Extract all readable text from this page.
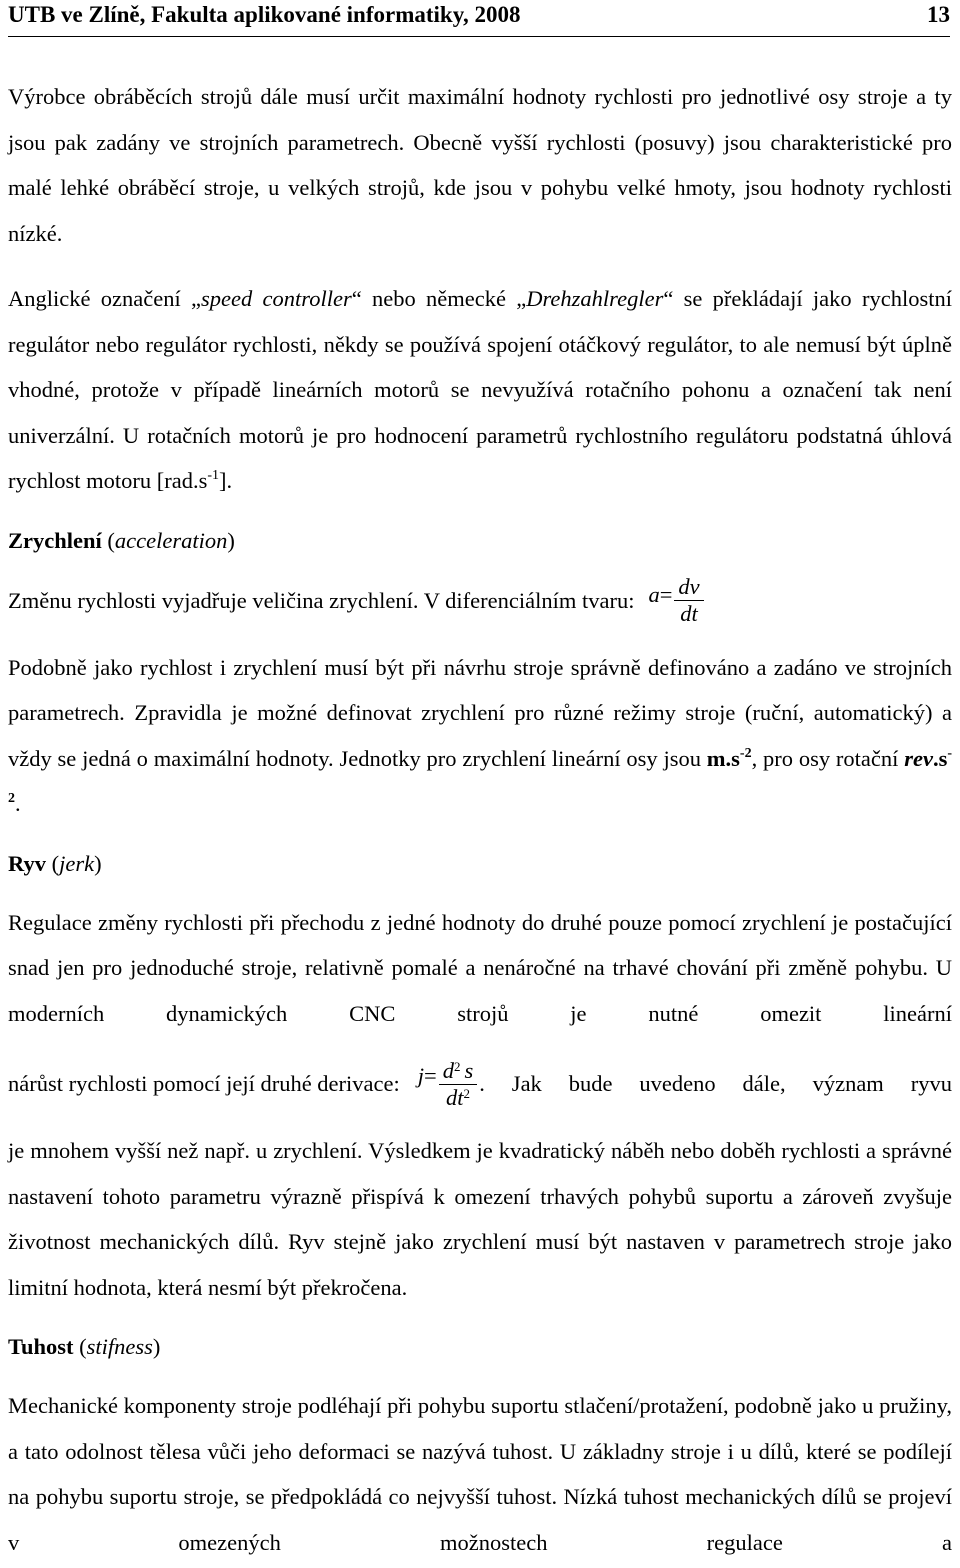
UTB ve Zlíně, Fakulta aplikované informatiky, 2008	13

Výrobce obráběcích strojů dále musí určit maximální hodnoty rychlosti pro jednotlivé osy stroje a ty jsou pak zadány ve strojních parametrech. Obecně vyšší rychlosti (posuvy) jsou charakteristické pro malé lehké obráběcí stroje, u velkých strojů, kde jsou v pohybu velké hmoty, jsou hodnoty rychlosti nízké.

Anglické označení „speed controller“ nebo německé „Drehzahlregler“ se překládají jako rychlostní regulátor nebo regulátor rychlosti, někdy se používá spojení otáčkový regulátor, to ale nemusí být úplně vhodné, protože v případě lineárních motorů se nevyužívá rotačního pohonu a označení tak není univerzální. U rotačních motorů je pro hodnocení parametrů rychlostního regulátoru podstatná úhlová rychlost motoru $[rad.s^{-1}]$.

Zrychlení (acceleration)

Změnu rychlosti vyjadřuje veličina zrychlení. V diferenciálním tvaru: $a= \frac{dv}{dt}$

Podobně jako rychlost i zrychlení musí být při návrhu stroje správně definováno a zadáno ve strojních parametrech. Zpravidla je možné definovat zrychlení pro různé režimy stroje (ruční, automatický) a vždy se jedná o maximální hodnoty. Jednotky pro zrychlení lineární osy jsou $m.s^{-2}$, pro osy rotační $rev.s^{-2}$.

Ryv (jerk)

Regulace změny rychlosti při přechodu z jedné hodnoty do druhé pouze pomocí zrychlení je postačující snad jen pro jednoduché stroje, relativně pomalé a nenáročné na trhavé chování při změně pohybu. U moderních dynamických CNC strojů je nutné omezit lineární

nárůst rychlosti pomocí její druhé derivace: $j= \frac{d^2 s}{dt^2}$ . Jak bude uvedeno dále, význam ryvu

je mnohem vyšší než např. u zrychlení. Výsledkem je kvadratický náběh nebo doběh rychlosti a správné nastavení tohoto parametru výrazně přispívá k omezení trhavých pohybů suportu a zároveň zvyšuje životnost mechanických dílů. Ryv stejně jako zrychlení musí být nastaven v parametrech stroje jako limitní hodnota, která nesmí být překročena.

Tuhost (stifness)

Mechanické komponenty stroje podléhají při pohybu suportu stlačení/protažení, podobně jako u pružiny, a tato odolnost tělesa vůči jeho deformaci se nazývá tuhost. U základny stroje i u dílů, které se podílejí na pohybu suportu stroje, se předpokládá co nejvyšší tuhost. Nízká tuhost mechanických dílů se projeví v omezených možnostech regulace a
